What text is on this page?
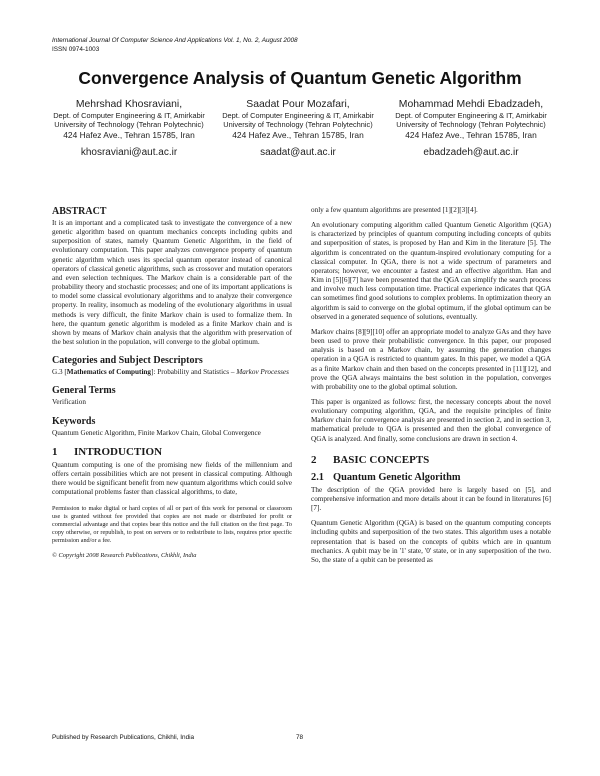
International Journal Of Computer Science And Applications Vol. 1, No. 2, August 2008
ISSN 0974-1003
Convergence Analysis of Quantum Genetic Algorithm
Mehrshad Khosraviani,
Dept. of Computer Engineering & IT, Amirkabir University of Technology (Tehran Polytechnic)
424 Hafez Ave., Tehran 15785, Iran
khosraviani@aut.ac.ir
Saadat Pour Mozafari,
Dept. of Computer Engineering & IT, Amirkabir University of Technology (Tehran Polytechnic)
424 Hafez Ave., Tehran 15785, Iran
saadat@aut.ac.ir
Mohammad Mehdi Ebadzadeh,
Dept. of Computer Engineering & IT, Amirkabir University of Technology (Tehran Polytechnic)
424 Hafez Ave., Tehran 15785, Iran
ebadzadeh@aut.ac.ir
ABSTRACT

It is an important and a complicated task to investigate the convergence of a new genetic algorithm based on quantum mechanics concepts including qubits and superposition of states, namely Quantum Genetic Algorithm, in the field of evolutionary computation. This paper analyzes convergence property of quantum genetic algorithm which uses its special quantum operator instead of canonical operators of classical genetic algorithms, such as crossover and mutation operators and even selection techniques. The Markov chain is a considerable part of the probability theory and stochastic processes; and one of its important applications is to model some classical evolutionary algorithms and to analyze their convergence property. In reality, insomuch as modeling of the evolutionary algorithms in usual methods is very difficult, the finite Markov chain is used to formalize them. In here, the quantum genetic algorithm is modeled as a finite Markov chain and is shown by means of Markov chain analysis that the algorithm with preservation of the best solution in the population, will converge to the global optimum.

Categories and Subject Descriptors

G.3 [Mathematics of Computing]: Probability and Statistics – Markov Processes

General Terms

Verification

Keywords

Quantum Genetic Algorithm, Finite Markov Chain, Global Convergence

1 INTRODUCTION

Quantum computing is one of the promising new fields of the millennium and offers certain possibilities which are not present in classical computing. Although there would be significant benefit from new quantum algorithms which could solve computational problems faster than classical algorithms, to date,

Permission to make digital or hard copies of all or part of this work for personal or classroom use is granted without fee provided that copies are not made or distributed for profit or commercial advantage and that copies bear this notice and the full citation on the first page. To copy otherwise, or republish, to post on servers or to redistribute to lists, requires prior specific permission and/or a fee.

© Copyright 2008 Research Publications, Chikhli, India

only a few quantum algorithms are presented [1][2][3][4].

An evolutionary computing algorithm called Quantum Genetic Algorithm (QGA) is characterized by principles of quantum computing including concepts of qubits and superposition of states, is proposed by Han and Kim in the literature [5]. The algorithm is concentrated on the quantum-inspired evolutionary computing for a classical computer. In QGA, there is not a wide spectrum of parameters and operators; however, we encounter a fastest and an effective algorithm. Han and Kim in [5][6][7] have been presented that the QGA can simplify the search process and involve much less computation time. Practical experience indicates that QGA can sometimes find good solutions to complex problems. In optimization theory an algorithm is said to converge on the global optimum, if the global optimum can be observed in a generated sequence of solutions, eventually.

Markov chains [8][9][10] offer an appropriate model to analyze GAs and they have been used to prove their probabilistic convergence. In this paper, our proposed analysis is based on a Markov chain, by assuming the generation changes operation in a QGA is restricted to quantum gates. In this paper, we model a QGA as a finite Markov chain and then based on the concepts presented in [11][12], and prove the QGA always maintains the best solution in the population, converges with probability one to the global optimal solution.

This paper is organized as follows: first, the necessary concepts about the novel evolutionary computing algorithm, QGA, and the requisite principles of finite Markov chain for convergence analysis are presented in section 2, and in section 3, mathematical prelude to QGA is presented and then the global convergence of QGA is analyzed. And finally, some conclusions are drawn in section 4.

2 BASIC CONCEPTS
2.1 Quantum Genetic Algorithm

The description of the QGA provided here is largely based on [5], and comprehensive information and more details about it can be found in literatures [6][7].

Quantum Genetic Algorithm (QGA) is based on the quantum computing concepts including qubits and superposition of the two states. This algorithm uses a notable representation that is based on the concepts of qubits which are in quantum mechanics. A qubit may be in '1' state, '0' state, or in any superposition of the two. So, the state of a qubit can be presented as

Published by Research Publications, Chikhli, India	78
